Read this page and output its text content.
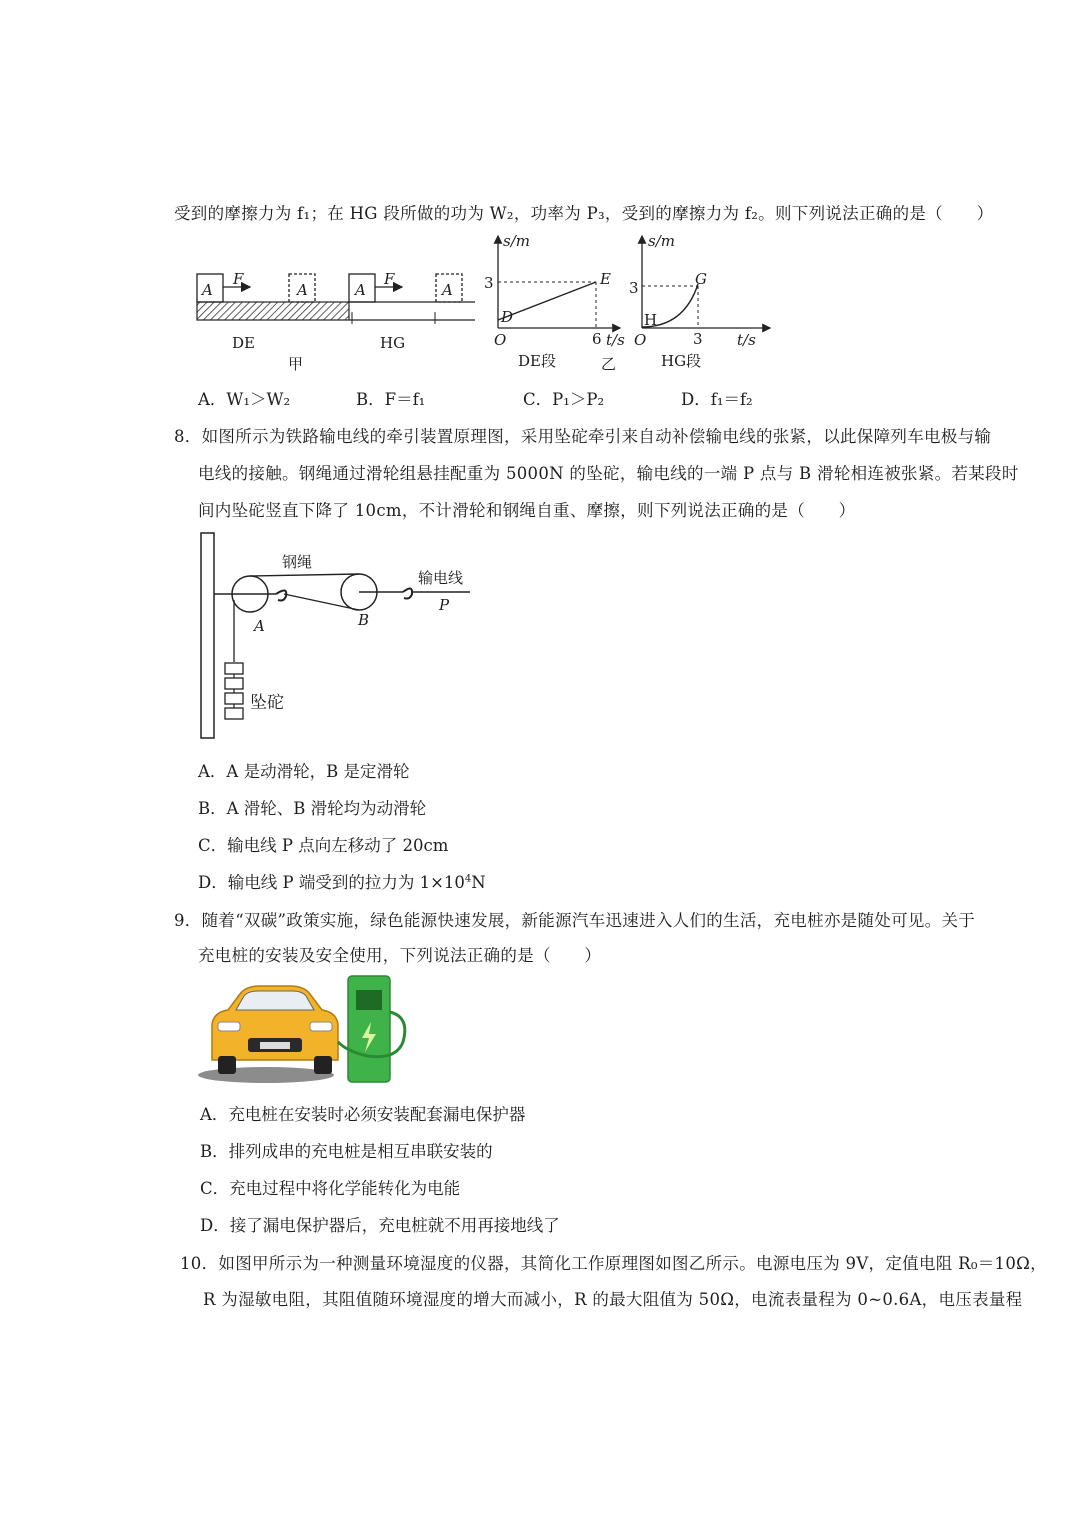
受到的摩擦力为 f₁；在 HG 段所做的功为 W₂，功率为 P₃，受到的摩擦力为 f₂。则下列说法正确的是（　　）
A
F
A	A
F
A
DE	HG
甲
s/m
3	E
D
O	6 t/s
DE段	乙
s/m
3	G
H
O	3 t/s
HG段
A．W₁＞W₂	B．F＝f₁	C．P₁＞P₂	D．f₁＝f₂
8．如图所示为铁路输电线的牵引装置原理图，采用坠砣牵引来自动补偿输电线的张紧，以此保障列车电极与输
电线的接触。钢绳通过滑轮组悬挂配重为 5000N 的坠砣，输电线的一端 P 点与 B 滑轮相连被张紧。若某段时
间内坠砣竖直下降了 10cm，不计滑轮和钢绳自重、摩擦，则下列说法正确的是（　　）
钢绳
输电线
P
A	B
坠砣
A．A 是动滑轮，B 是定滑轮
B．A 滑轮、B 滑轮均为动滑轮
C．输电线 P 点向左移动了 20cm
D．输电线 P 端受到的拉力为 $1\times 10^4N$
9．随着“双碳”政策实施，绿色能源快速发展，新能源汽车迅速进入人们的生活，充电桩亦是随处可见。关于
充电桩的安装及安全使用，下列说法正确的是（　　）
A．充电桩在安装时必须安装配套漏电保护器
B．排列成串的充电桩是相互串联安装的
C．充电过程中将化学能转化为电能
D．接了漏电保护器后，充电桩就不用再接地线了
10．如图甲所示为一种测量环境湿度的仪器，其简化工作原理图如图乙所示。电源电压为 9V，定值电阻 R₀＝10Ω，
R 为湿敏电阻，其阻值随环境湿度的增大而减小，R 的最大阻值为 50Ω，电流表量程为 0~0.6A，电压表量程
